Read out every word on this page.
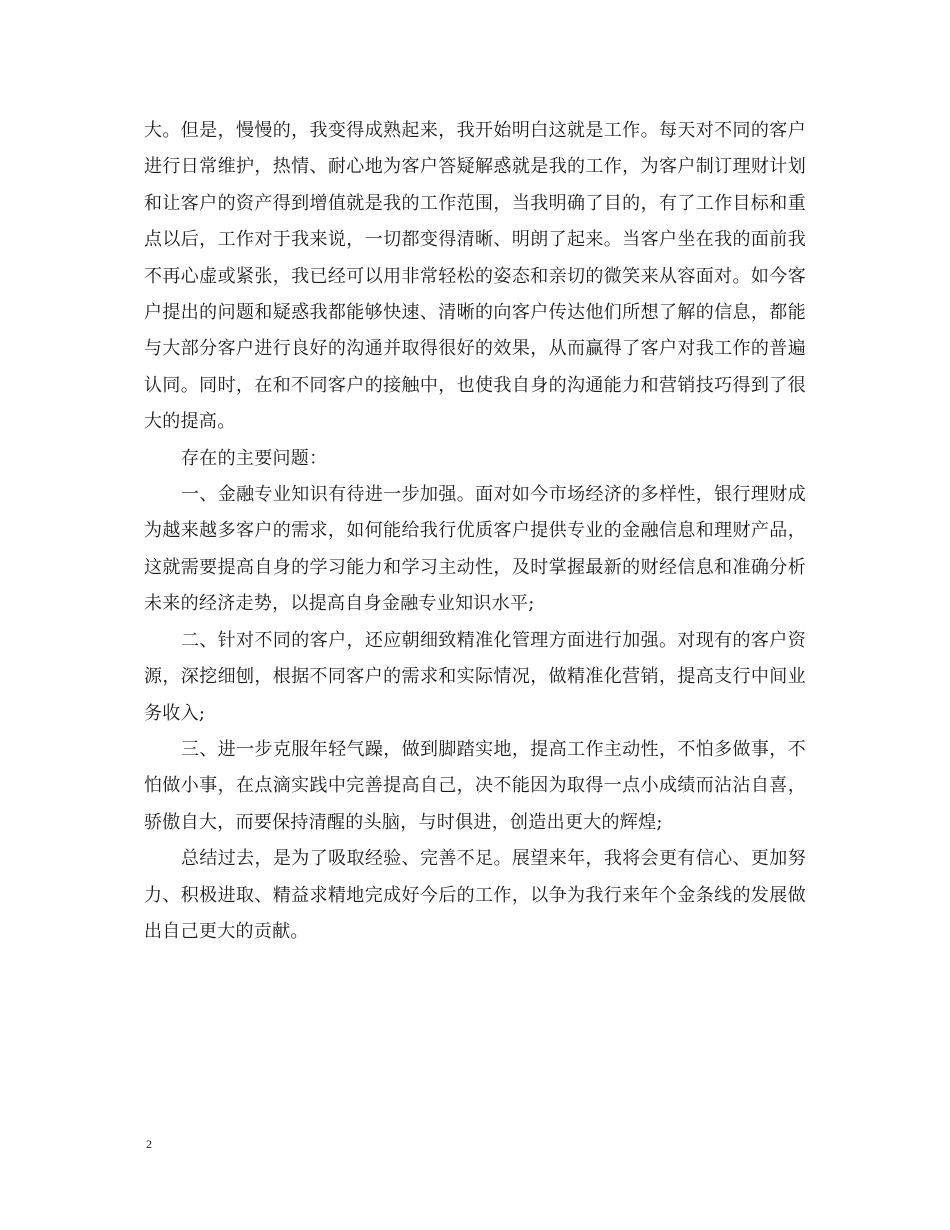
大。但是，慢慢的，我变得成熟起来，我开始明白这就是工作。每天对不同的客户进行日常维护，热情、耐心地为客户答疑解惑就是我的工作，为客户制订理财计划和让客户的资产得到增值就是我的工作范围，当我明确了目的，有了工作目标和重点以后，工作对于我来说，一切都变得清晰、明朗了起来。当客户坐在我的面前我不再心虚或紧张，我已经可以用非常轻松的姿态和亲切的微笑来从容面对。如今客户提出的问题和疑惑我都能够快速、清晰的向客户传达他们所想了解的信息，都能与大部分客户进行良好的沟通并取得很好的效果，从而赢得了客户对我工作的普遍认同。同时，在和不同客户的接触中，也使我自身的沟通能力和营销技巧得到了很大的提高。

存在的主要问题：

一、金融专业知识有待进一步加强。面对如今市场经济的多样性，银行理财成为越来越多客户的需求，如何能给我行优质客户提供专业的金融信息和理财产品，这就需要提高自身的学习能力和学习主动性，及时掌握最新的财经信息和准确分析未来的经济走势，以提高自身金融专业知识水平;

二、针对不同的客户，还应朝细致精准化管理方面进行加强。对现有的客户资源，深挖细刨，根据不同客户的需求和实际情况，做精准化营销，提高支行中间业务收入;

三、进一步克服年轻气躁，做到脚踏实地，提高工作主动性，不怕多做事，不怕做小事，在点滴实践中完善提高自己，决不能因为取得一点小成绩而沾沾自喜，骄傲自大，而要保持清醒的头脑，与时俱进，创造出更大的辉煌;

总结过去，是为了吸取经验、完善不足。展望来年，我将会更有信心、更加努力、积极进取、精益求精地完成好今后的工作，以争为我行来年个金条线的发展做出自己更大的贡献。

2
